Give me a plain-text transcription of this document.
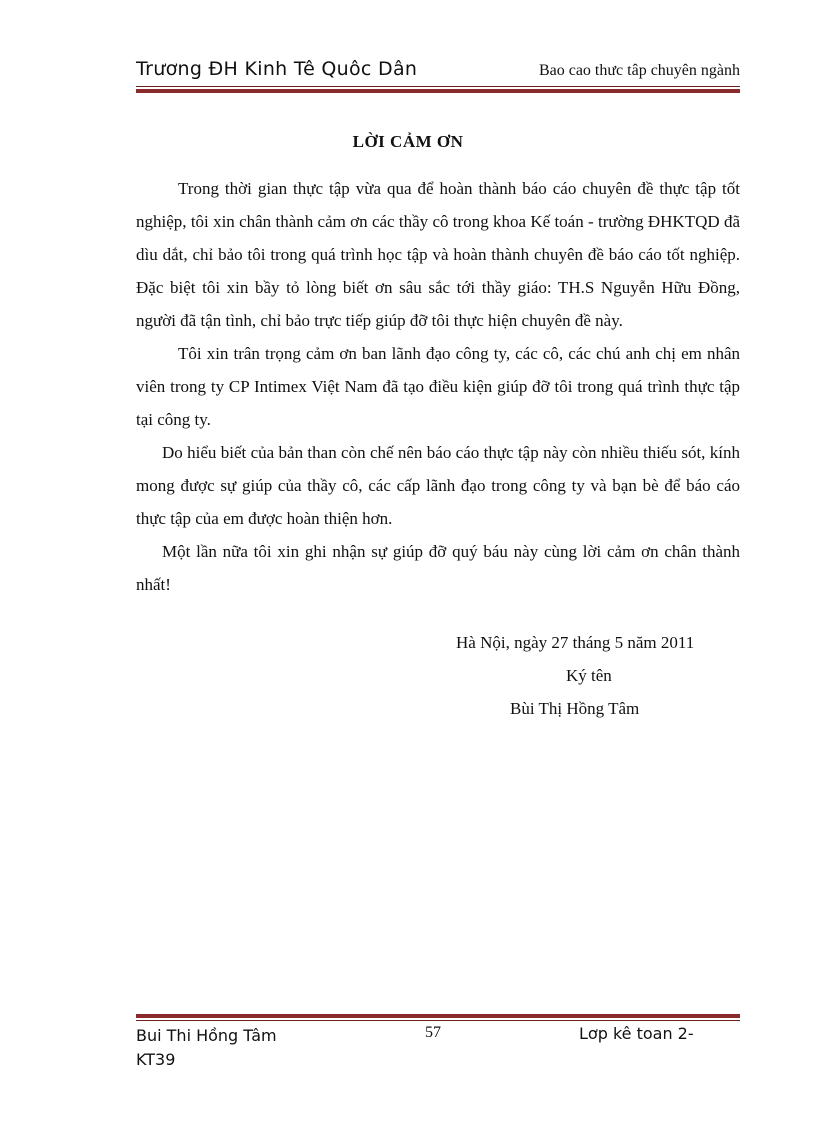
Trương ĐH Kinh Tê Quôc Dân	Bao cao thưc tâp chuyên ngành
LỜI CẢM ƠN

Trong thời gian thực tập vừa qua để hoàn thành báo cáo chuyên đề thực tập tốt nghiệp, tôi xin chân thành cảm ơn các thầy cô trong khoa Kế toán - trường ĐHKTQD đã dìu dắt, chỉ bảo tôi trong quá trình học tập và hoàn thành chuyên đề báo cáo tốt nghiệp. Đặc biệt tôi xin bầy tỏ lòng biết ơn sâu sắc tới thầy giáo: TH.S Nguyễn Hữu Đồng, người đã tận tình, chỉ bảo trực tiếp giúp đỡ tôi thực hiện chuyên đề này.

Tôi xin trân trọng cảm ơn ban lãnh đạo công ty, các cô, các chú anh chị em nhân viên trong ty CP Intimex Việt Nam đã tạo điều kiện giúp đỡ tôi trong quá trình thực tập tại công ty.

Do hiểu biết của bản than còn chế nên báo cáo thực tập này còn nhiều thiếu sót, kính mong được sự giúp của thầy cô, các cấp lãnh đạo trong công ty và bạn bè để báo cáo thực tập của em được hoàn thiện hơn.

Một lần nữa tôi xin ghi nhận sự giúp đỡ quý báu này cùng lời cảm ơn chân thành nhất!

Hà Nội, ngày 27 tháng 5 năm 2011
Ký tên
Bùi Thị Hồng Tâm
Bui Thi Hồng Tâm
KT39
57	Lơp kê toan 2-
